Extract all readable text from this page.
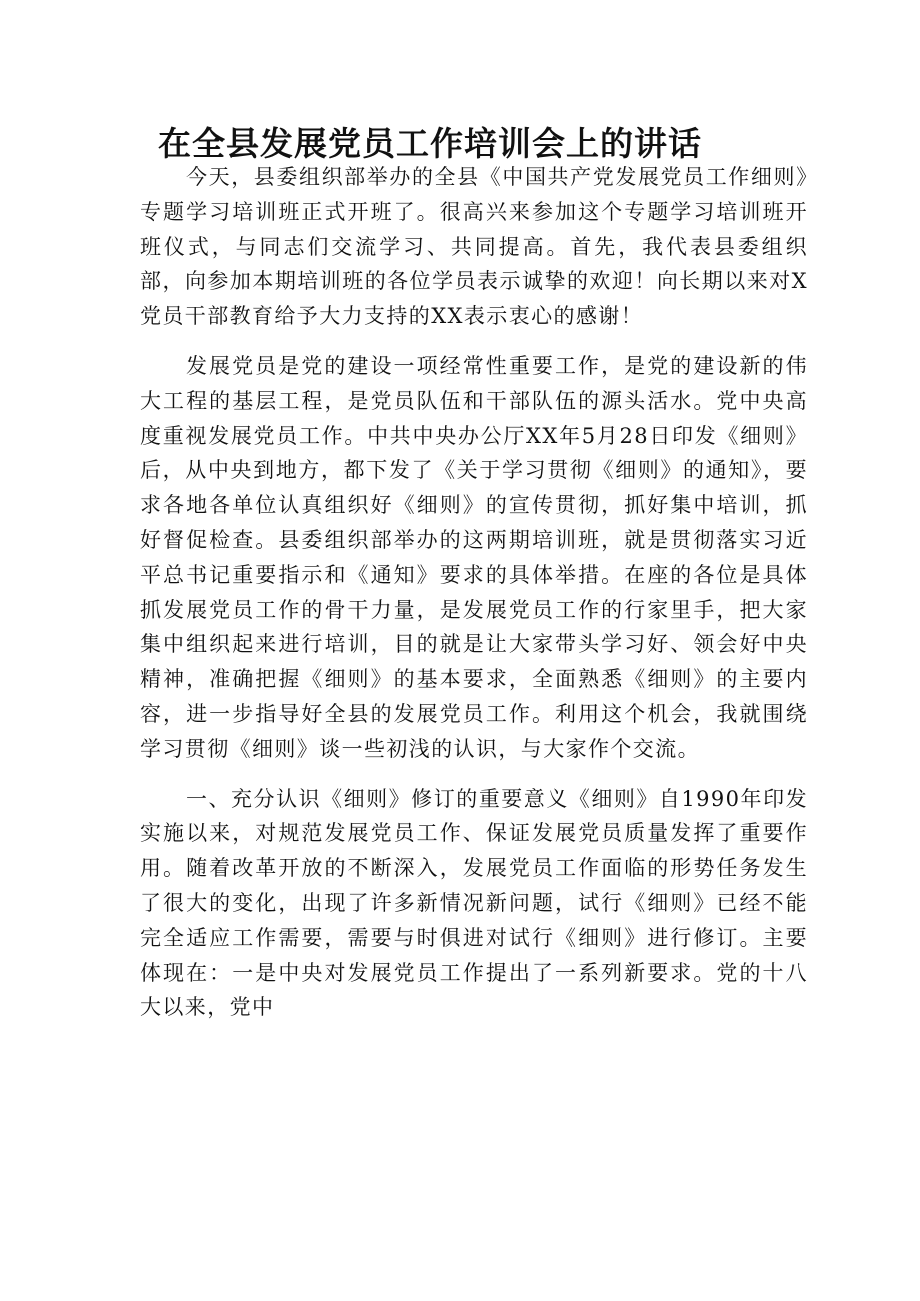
在全县发展党员工作培训会上的讲话

今天，县委组织部举办的全县《中国共产党发展党员工作细则》专题学习培训班正式开班了。很高兴来参加这个专题学习培训班开班仪式，与同志们交流学习、共同提高。首先，我代表县委组织部，向参加本期培训班的各位学员表示诚挚的欢迎！向长期以来对X党员干部教育给予大力支持的XX表示衷心的感谢！

发展党员是党的建设一项经常性重要工作，是党的建设新的伟大工程的基层工程，是党员队伍和干部队伍的源头活水。党中央高度重视发展党员工作。中共中央办公厅XX年5月28日印发《细则》后，从中央到地方，都下发了《关于学习贯彻《细则》的通知》，要求各地各单位认真组织好《细则》的宣传贯彻，抓好集中培训，抓好督促检查。县委组织部举办的这两期培训班，就是贯彻落实习近平总书记重要指示和《通知》要求的具体举措。在座的各位是具体抓发展党员工作的骨干力量，是发展党员工作的行家里手，把大家集中组织起来进行培训，目的就是让大家带头学习好、领会好中央精神，准确把握《细则》的基本要求，全面熟悉《细则》的主要内容，进一步指导好全县的发展党员工作。利用这个机会，我就围绕学习贯彻《细则》谈一些初浅的认识，与大家作个交流。

一、充分认识《细则》修订的重要意义《细则》自1990年印发实施以来，对规范发展党员工作、保证发展党员质量发挥了重要作用。随着改革开放的不断深入，发展党员工作面临的形势任务发生了很大的变化，出现了许多新情况新问题，试行《细则》已经不能完全适应工作需要，需要与时俱进对试行《细则》进行修订。主要体现在：一是中央对发展党员工作提出了一系列新要求。党的十八大以来，党中
